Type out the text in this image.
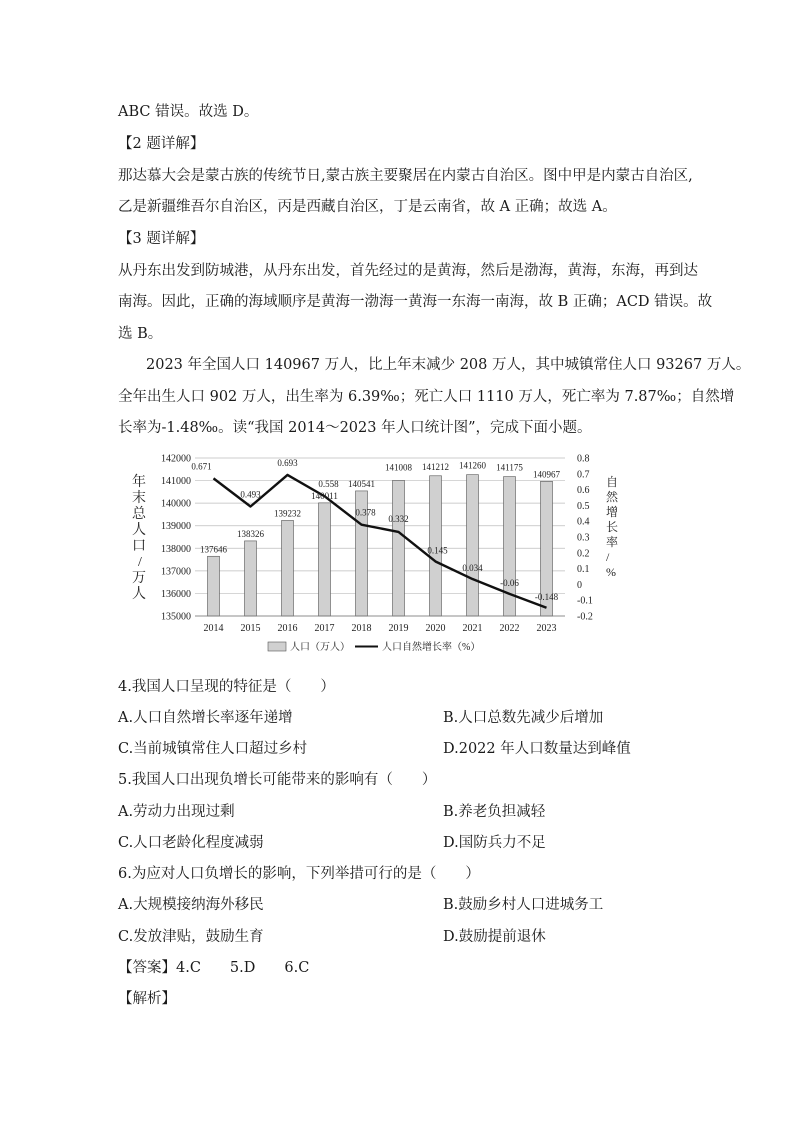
ABC 错误。故选 D。
【2 题详解】
那达慕大会是蒙古族的传统节日,蒙古族主要聚居在内蒙古自治区。图中甲是内蒙古自治区,
乙是新疆维吾尔自治区，丙是西藏自治区，丁是云南省，故 A 正确；故选 A。
【3 题详解】
从丹东出发到防城港，从丹东出发，首先经过的是黄海，然后是渤海，黄海，东海，再到达
南海。因此，正确的海域顺序是黄海一渤海一黄海一东海一南海，故 B 正确；ACD 错误。故
选 B。
2023 年全国人口 140967 万人，比上年末减少 208 万人，其中城镇常住人口 93267 万人。
全年出生人口 902 万人，出生率为 6.39‰；死亡人口 1110 万人，死亡率为 7.87‰；自然增
长率为-1.48‰。读“我国 2014～2023 年人口统计图”，完成下面小题。
135000
136000
137000
138000
139000
140000
141000
142000
-0.2
-0.1
0
0.1
0.2
0.3
0.4
0.5
0.6
0.7
0.8
2014 2015 2016 2017 2018 2019 2020 2021 2022 2023
137646
138326
139232
140011
140541
141008 141212 141260 141175
140967
0.671
0.493
0.693
0.558
0.378
0.332
0.145
0.034
-0.06
-0.148
年末总人口/万人
自然增长率/ %
人口（万人）	人口自然增长率（%）
4.我国人口呈现的特征是（　　）
A.人口自然增长率逐年递增	B.人口总数先减少后增加
C.当前城镇常住人口超过乡村	D.2022 年人口数量达到峰值
5.我国人口出现负增长可能带来的影响有（　　）
A.劳动力出现过剩	B.养老负担减轻
C.人口老龄化程度减弱	D.国防兵力不足
6.为应对人口负增长的影响，下列举措可行的是（　　）
A.大规模接纳海外移民	B.鼓励乡村人口进城务工
C.发放津贴，鼓励生育	D.鼓励提前退休
【答案】4.C　　5.D　　6.C
【解析】
